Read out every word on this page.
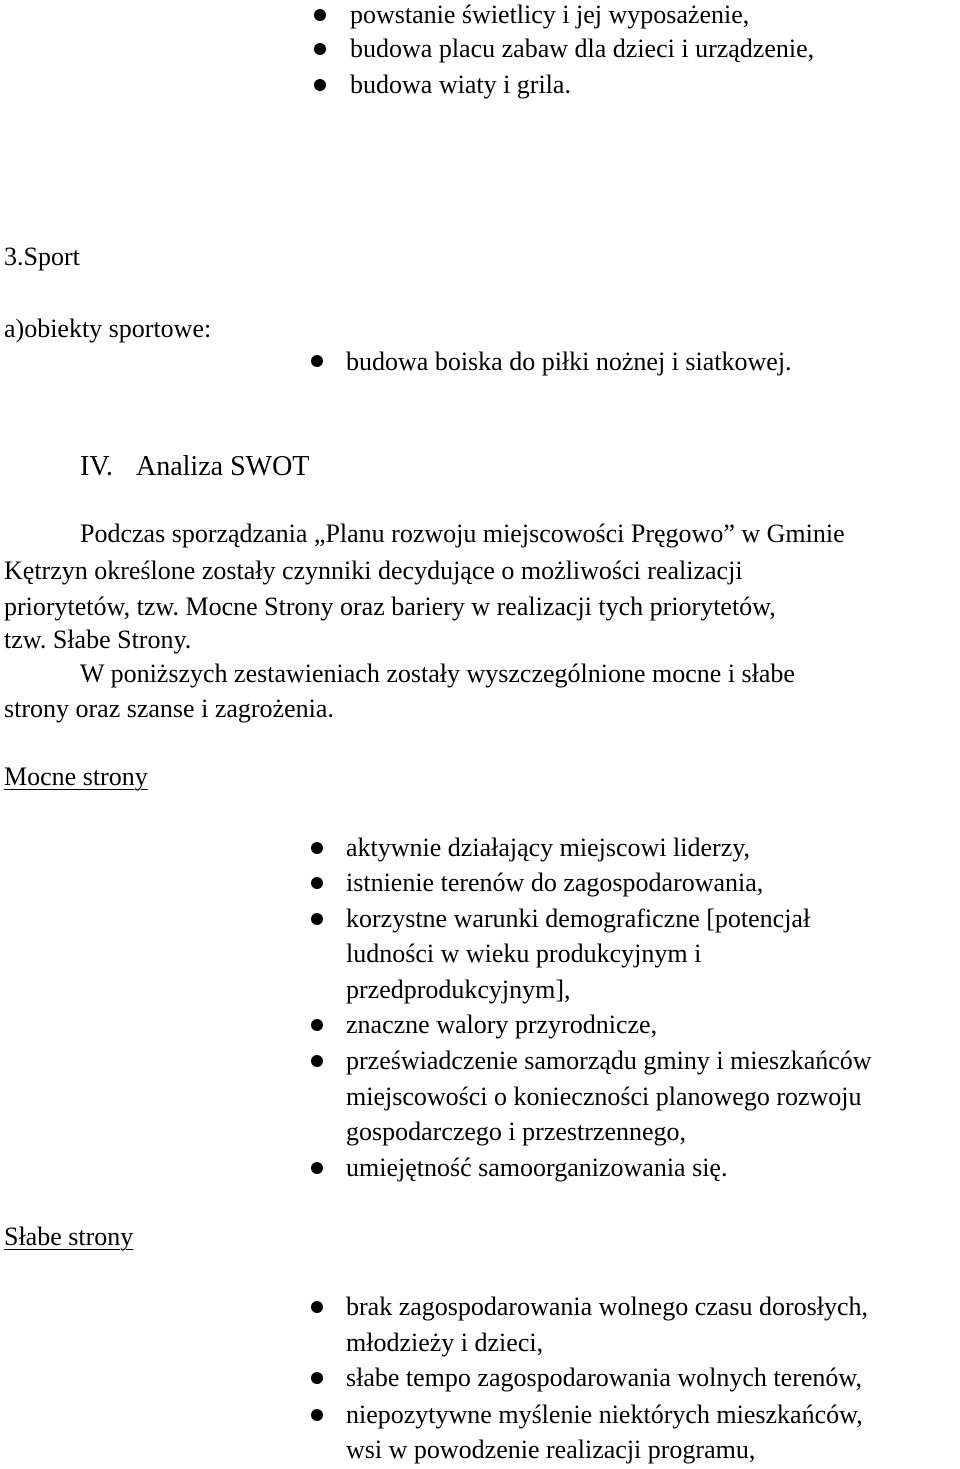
powstanie świetlicy i jej wyposażenie,
budowa placu zabaw dla dzieci i urządzenie,
budowa wiaty i grila.
3.Sport
a)obiekty sportowe:
budowa boiska do piłki nożnej i siatkowej.
IV. Analiza SWOT
Podczas sporządzania „Planu rozwoju miejscowości Pręgowo” w Gminie
Kętrzyn określone zostały czynniki decydujące o możliwości realizacji
priorytetów, tzw. Mocne Strony oraz bariery w realizacji tych priorytetów,
tzw. Słabe Strony.
W poniższych zestawieniach zostały wyszczególnione mocne i słabe
strony oraz szanse i zagrożenia.
Mocne strony
aktywnie działający miejscowi liderzy,
istnienie terenów do zagospodarowania,
korzystne warunki demograficzne [potencjał
ludności w wieku produkcyjnym i
przedprodukcyjnym],
znaczne walory przyrodnicze,
przeświadczenie samorządu gminy i mieszkańców
miejscowości o konieczności planowego rozwoju
gospodarczego i przestrzennego,
umiejętność samoorganizowania się.
Słabe strony
brak zagospodarowania wolnego czasu dorosłych,
młodzieży i dzieci,
słabe tempo zagospodarowania wolnych terenów,
niepozytywne myślenie niektórych mieszkańców,
wsi w powodzenie realizacji programu,
